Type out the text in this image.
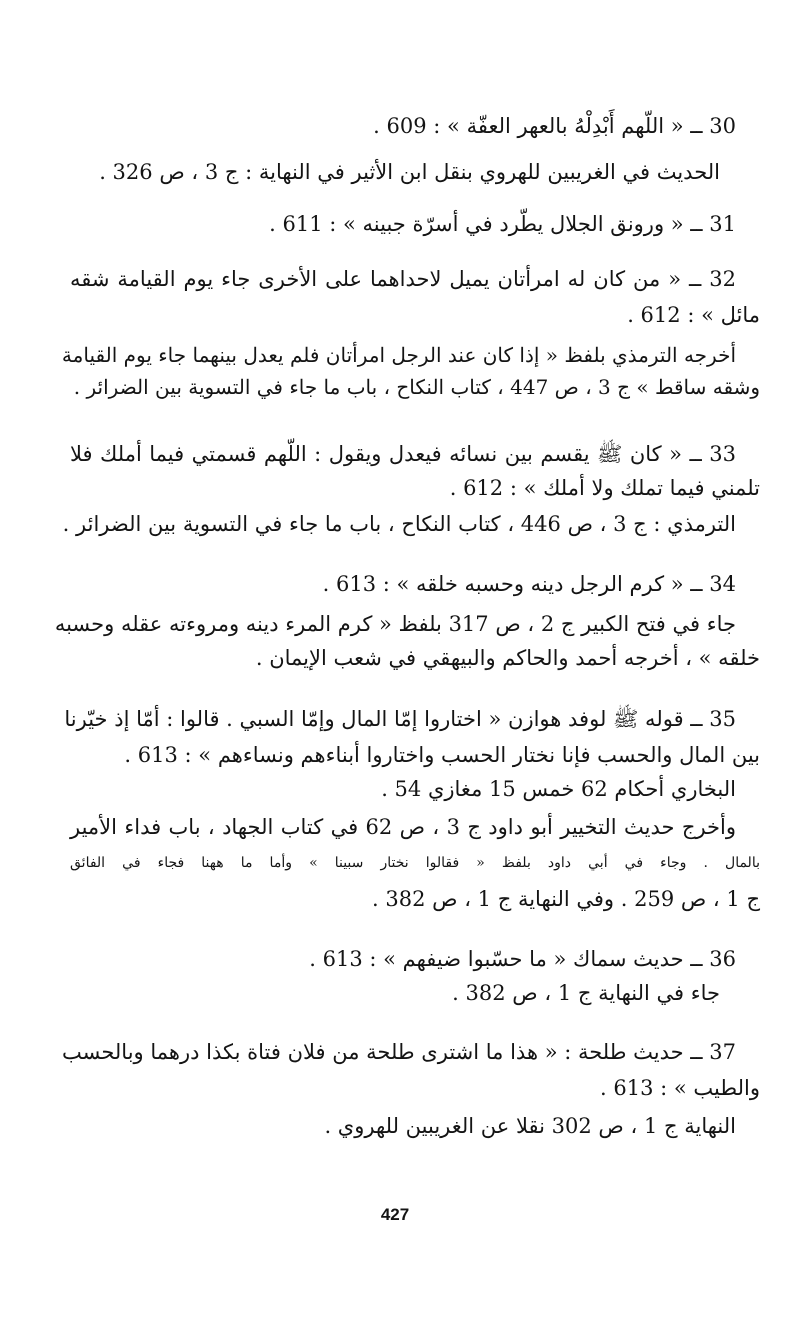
30 ــ « اللّهم أَبْدِلْهُ بالعهر العفّة » : 609 .
الحديث في الغريبين للهروي بنقل ابن الأثير في النهاية : ج 3 ، ص 326 .
31 ــ « ورونق الجلال يطّرد في أسرّة جبينه » : 611 .
32 ــ « من كان له امرأتان يميل لاحداهما على الأخرى جاء يوم القيامة شقه
مائل » : 612 .
أخرجه الترمذي بلفظ « إذا كان عند الرجل امرأتان فلم يعدل بينهما جاء يوم القيامة
وشقه ساقط » ج 3 ، ص 447 ، كتاب النكاح ، باب ما جاء في التسوية بين الضرائر .
33 ــ « كان ﷺ يقسم بين نسائه فيعدل ويقول : اللّهم قسمتي فيما أملك فلا
تلمني فيما تملك ولا أملك » : 612 .
الترمذي : ج 3 ، ص 446 ، كتاب النكاح ، باب ما جاء في التسوية بين الضرائر .
34 ــ « كرم الرجل دينه وحسبه خلقه » : 613 .
جاء في فتح الكبير ج 2 ، ص 317 بلفظ « كرم المرء دينه ومروءته عقله وحسبه
خلقه » ، أخرجه أحمد والحاكم والبيهقي في شعب الإيمان .
35 ــ قوله ﷺ لوفد هوازن « اختاروا إمّا المال وإمّا السبي . قالوا : أمّا إذ خيّرنا
بين المال والحسب فإنا نختار الحسب واختاروا أبناءهم ونساءهم » : 613 .
البخاري أحكام 62 خمس 15 مغازي 54 .
وأخرج حديث التخيير أبو داود ج 3 ، ص 62 في كتاب الجهاد ، باب فداء الأمير
بالمال . وجاء في أبي داود بلفظ « فقالوا نختار سبينا » وأما ما ههنا فجاء في الفائق
ج 1 ، ص 259 . وفي النهاية ج 1 ، ص 382 .
36 ــ حديث سماك « ما حسّبوا ضيفهم » : 613 .
جاء في النهاية ج 1 ، ص 382 .
37 ــ حديث طلحة : « هذا ما اشترى طلحة من فلان فتاة بكذا درهما وبالحسب
والطيب » : 613 .
النهاية ج 1 ، ص 302 نقلا عن الغريبين للهروي .
427
